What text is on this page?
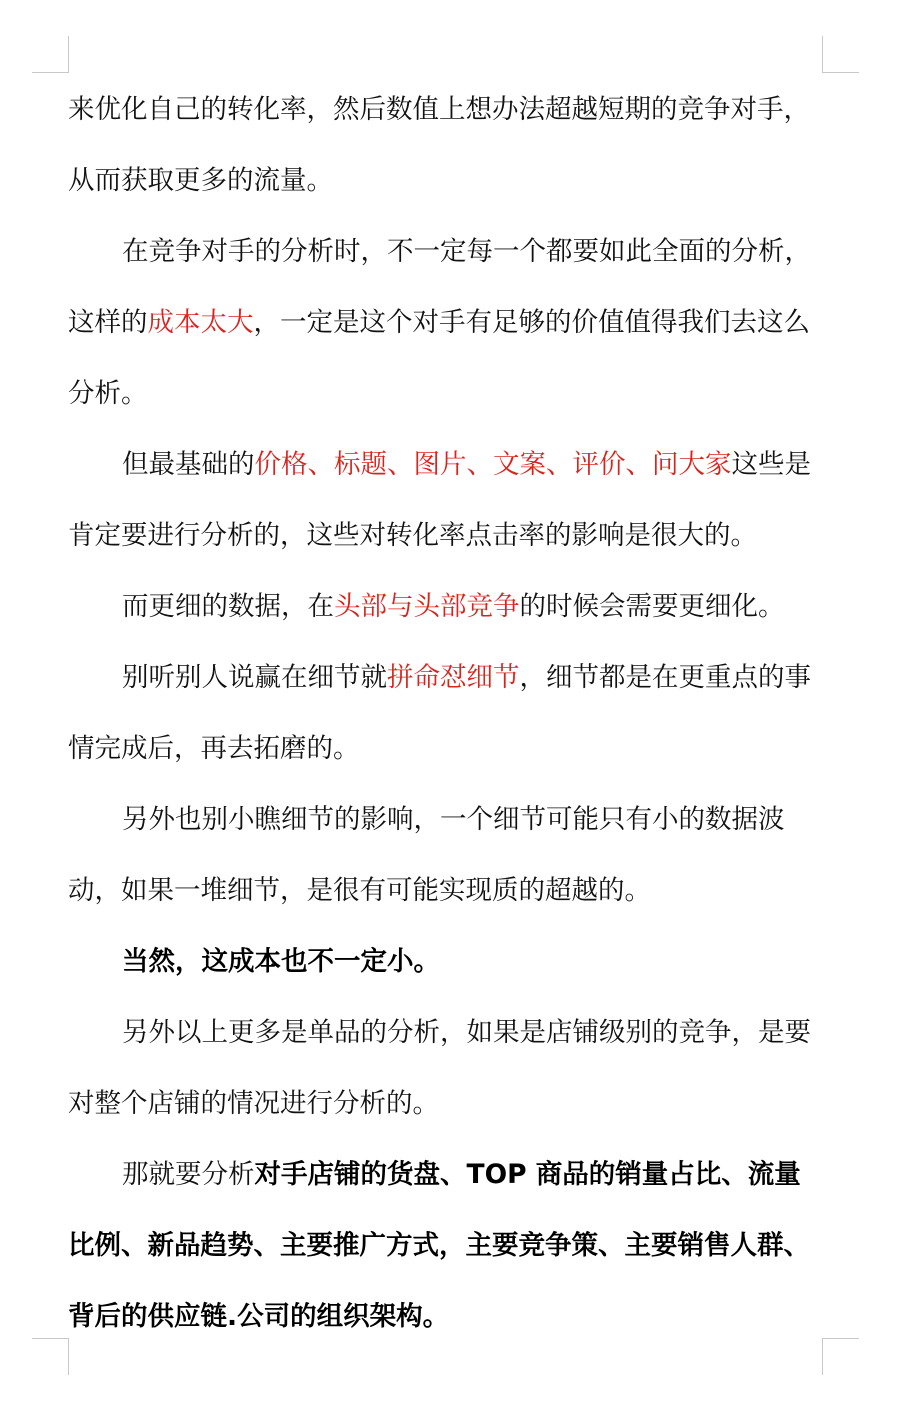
来优化自己的转化率，然后数值上想办法超越短期的竞争对手，从而获取更多的流量。

在竞争对手的分析时，不一定每一个都要如此全面的分析，这样的成本太大，一定是这个对手有足够的价值值得我们去这么分析。

但最基础的价格、标题、图片、文案、评价、问大家这些是肯定要进行分析的，这些对转化率点击率的影响是很大的。

而更细的数据，在头部与头部竞争的时候会需要更细化。

别听别人说赢在细节就拼命怼细节，细节都是在更重点的事情完成后，再去拓磨的。

另外也别小瞧细节的影响，一个细节可能只有小的数据波动，如果一堆细节，是很有可能实现质的超越的。

当然，这成本也不一定小。

另外以上更多是单品的分析，如果是店铺级别的竞争，是要对整个店铺的情况进行分析的。

那就要分析对手店铺的货盘、TOP 商品的销量占比、流量比例、新品趋势、主要推广方式，主要竞争策、主要销售人群、背后的供应链.公司的组织架构。
